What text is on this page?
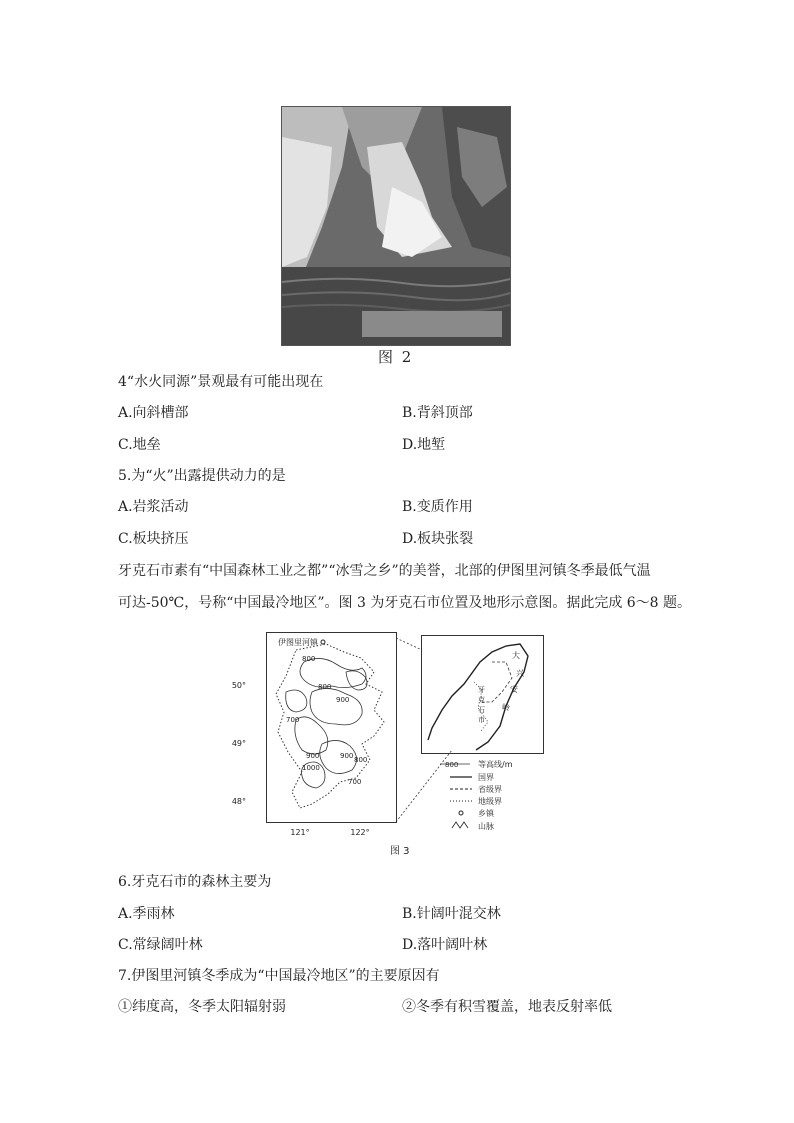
图 2
4“水火同源”景观最有可能出现在
A.向斜槽部	B.背斜顶部
C.地垒	D.地堑
5.为“火”出露提供动力的是
A.岩浆活动	B.变质作用
C.板块挤压	D.板块张裂
牙克石市素有“中国森林工业之都”“冰雪之乡”的美誉，北部的伊图里河镇冬季最低气温
可达-50℃，号称“中国最冷地区”。图 3 为牙克石市位置及地形示意图。据此完成 6～8 题。
伊图里河镇
800
800
900
700
900	900 800
1000
700
50°
49°
48°
121°	122°
大
兴
安
岭
牙
克
石
市
800 等高线/m
国界
省级界
地级界
乡镇
山脉
图 3
6.牙克石市的森林主要为
A.季雨林	B.针阔叶混交林
C.常绿阔叶林	D.落叶阔叶林
7.伊图里河镇冬季成为“中国最冷地区”的主要原因有
①纬度高，冬季太阳辐射弱	②冬季有积雪覆盖，地表反射率低
